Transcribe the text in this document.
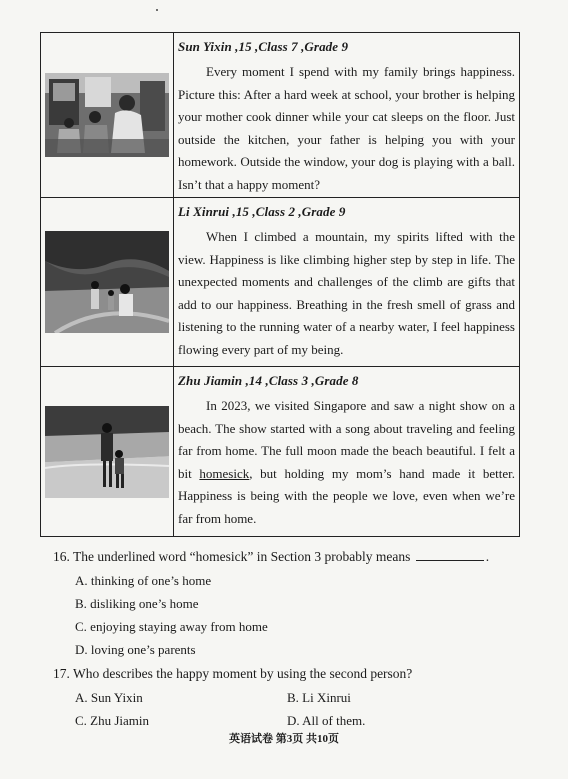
Sun Yixin ,15 ,Class 7 ,Grade 9

Every moment I spend with my family brings happiness. Picture this: After a hard week at school, your brother is helping your mother cook dinner while your cat sleeps on the floor. Just outside the kitchen, your father is helping you with your homework. Outside the window, your dog is playing with a ball. Isn’t that a happy moment?

Li Xinrui ,15 ,Class 2 ,Grade 9

When I climbed a mountain, my spirits lifted with the view. Happiness is like climbing higher step by step in life. The unexpected moments and challenges of the climb are gifts that add to our happiness. Breathing in the fresh smell of grass and listening to the running water of a nearby water, I feel happiness flowing every part of my being.

Zhu Jiamin ,14 ,Class 3 ,Grade 8

In 2023, we visited Singapore and saw a night show on a beach. The show started with a song about traveling and feeling far from home. The full moon made the beach beautiful. I felt a bit homesick, but holding my mom’s hand made it better. Happiness is being with the people we love, even when we’re far from home.

16. The underlined word “homesick” in Section 3 probably means	.
A. thinking of one’s home
B. disliking one’s home
C. enjoying staying away from home
D. loving one’s parents
17. Who describes the happy moment by using the second person?
A. Sun Yixin	B. Li Xinrui
C. Zhu Jiamin	D. All of them.
英语试卷 第3页 共10页
